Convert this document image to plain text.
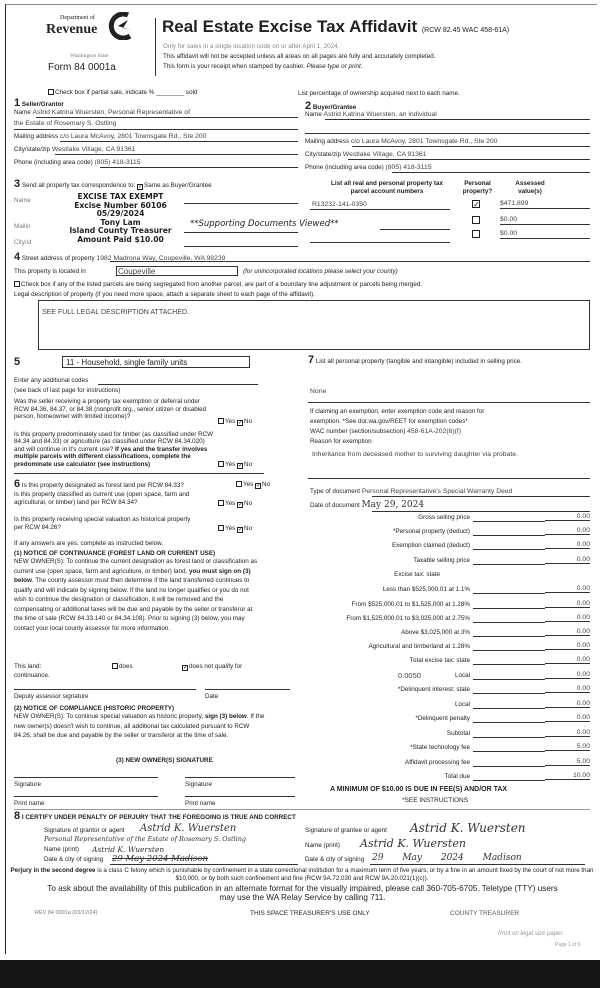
Department of
Revenue
Washington State
Form 84 0001a
Real Estate Excise Tax Affidavit (RCW 82.45 WAC 458-61A)
Only for sales in a single location code on or after April 1, 2024.
This affidavit will not be accepted unless all areas on all pages are fully and accurately completed.
This form is your receipt when stamped by cashier. Please type or print.
Check box if partial sale, indicate % ________ sold	List percentage of ownership acquired next to each name.
1 Seller/Grantor
Name Astrid Katrina Wuersten, Personal Representative of
the Estate of Rosemary S. Ostling
Mailing address c/o Laura McAvoy, 2801 Townsgate Rd., Ste 200
City/state/zip Westlake Village, CA 91361
Phone (including area code) (805) 418-3115
2 Buyer/Grantee
Name Astrid Katrina Wuersten, an individual
Mailing address c/o Laura McAvoy, 2801 Townsgate Rd., Ste 200
City/state/zip Westlake Village, CA 91361
Phone (including area code) (805) 418-3115
3 Send all property tax correspondence to: ✓Same as Buyer/Grantee
Name
Mailin
City/st
EXCISE TAX EXEMPT
Excise Number 60106
05/29/2024
Tony Lam
Island County Treasurer
Amount Paid $10.00
**Supporting Documents Viewed**
List all real and personal property tax
parcel account numbers
Personal
property?
Assessed
value(s)
R13232-141-0350	✓	$471,899
$0.00
$0.00
4 Street address of property 1982 Madrona Way, Coupeville, WA 98239
This property is located in	Coupeville	(for unincorporated locations please select your county)
Check box if any of the listed parcels are being segregated from another parcel, are part of a boundary line adjustment or parcels being merged.
Legal description of property (if you need more space, attach a separate sheet to each page of the affidavit).
SEE FULL LEGAL DESCRIPTION ATTACHED.
5	11 - Household, single family units
Enter any additional codes
(see back of last page for instructions)
Was the seller receiving a property tax exemption or deferral under RCW 84.36, 84.37, or 84.38 (nonprofit org., senior citizen or disabled person, homeowner with limited income)?
Yes ✓No
Is this property predominately used for timber (as classified under RCW 84.34 and 84.33) or agriculture (as classified under RCW 84.34.020) and will continue in it's current use? If yes and the transfer involves multiple parcels with different classifications, complete the predominate use calculator (see instructions)	Yes ✓No
6 Is this property designated as forest land per RCW 84.33?	Yes ✓No
Is this property classified as current use (open space, farm and agricultural, or timber) land per RCW 84.34?	Yes ✓No
Is this property receiving special valuation as historical property per RCW 84.26?	Yes ✓No
If any answers are yes, complete as instructed below.
(1) NOTICE OF CONTINUANCE (FOREST LAND OR CURRENT USE)
NEW OWNER(S): To continue the current designation as forest land or classification as current use (open space, farm and agriculture, or timber) land, you must sign on (3) below. The county assessor must then determine if the land transferred continues to qualify and will indicate by signing below. If the land no longer qualifies or you do not wish to continue the designation or classification, it will be removed and the compensating or additional taxes will be due and payable by the seller or transferor at the time of sale (RCW 84.33.140 or 84.34.108). Prior to signing (3) below, you may contact your local county assessor for more information.
This land:	does	✓does not qualify for
continuance.
Deputy assessor signature	Date
(2) NOTICE OF COMPLIANCE (HISTORIC PROPERTY)
NEW OWNER(S): To continue special valuation as historic property, sign (3) below. If the new owner(s) doesn't wish to continue, all additional tax calculated pursuant to RCW 84.26, shall be due and payable by the seller or transferor at the time of sale.
(3) NEW OWNER(S) SIGNATURE
Signature	Signature
Print name	Print name
7 List all personal property (tangible and intangible) included in selling price.
None
If claiming an exemption, enter exemption code and reason for
exemption. *See dor.wa.gov/REET for exemption codes*
WAC number (section/subsection) 458-61A-202(6)(f)
Reason for exemption
Inheritance from deceased mother to surviving daughter via probate.
Type of document Personal Representative's Special Warranty Deed
Date of document May 29, 2024
Gross selling price	0.00
*Personal property (deduct)	0.00
Exemption claimed (deduct)	0.00
Taxable selling price	0.00
Excise tax: state
Less than $525,000.01 at 1.1%	0.00
From $525,000.01 to $1,525,000 at 1.28%	0.00
From $1,525,000.01 to $3,025,000 at 2.75%	0.00
Above $3,025,000 at 3%	0.00
Agricultural and timberland at 1.28%	0.00
Total excise tax: state	0.00
Local	0.00
*Delinquent interest: state	0.00
Local	0.00
*Delinquent penalty	0.00
Subtotal	0.00
*State technology fee	5.00
Affidavit processing fee	5.00
Total due	10.00
0.0050
A MINIMUM OF $10.00 IS DUE IN FEE(S) AND/OR TAX
*SEE INSTRUCTIONS
8 I CERTIFY UNDER PENALTY OF PERJURY THAT THE FOREGOING IS TRUE AND CORRECT
Signature of grantor or agent Astrid K. Wuersten
Personal Representative of the Estate of Rosemary S. Ostling
Name (print) Astrid K. Wuersten
Date & city of signing 29 May 2024 Madison
Signature of grantee or agent Astrid K. Wuersten
Name (print) Astrid K. Wuersten
Date & city of signing 29 May 2024 Madison
Perjury in the second degree is a class C felony which is punishable by confinement in a state correctional institution for a maximum term of five years, or by a fine in an amount fixed by the court of not more than $10,000, or by both such confinement and fine (RCW 9A.72.030 and RCW 9A.20.021(1)(c)).
To ask about the availability of this publication in an alternate format for the visually impaired, please call 360-705-6705. Teletype (TTY) users may use the WA Relay Service by calling 711.
REV 84 0001a (03/12/24)	THIS SPACE TREASURER'S USE ONLY	COUNTY TREASURER
Print on legal size paper.
Page 1 of 6
